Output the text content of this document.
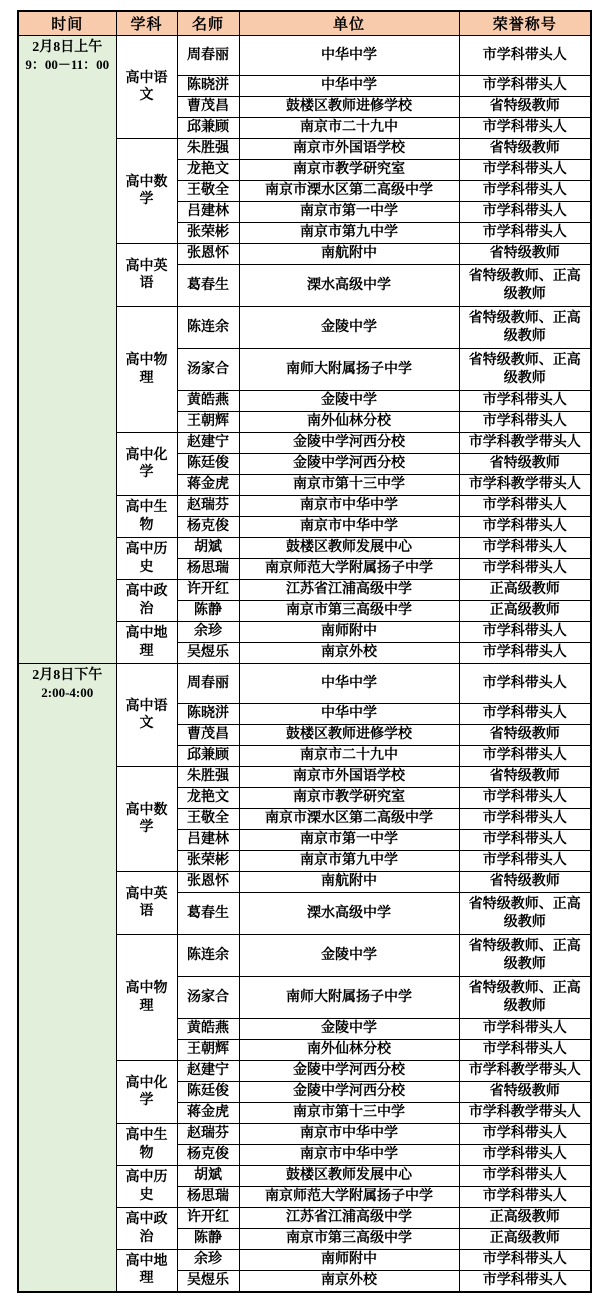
时间	学科	名师	单位	荣誉称号

2月8日上午
9：00－11：00	高中语文	周春丽	中华中学	市学科带头人
		陈晓洴	中华中学	市学科带头人
		曹茂昌	鼓楼区教师进修学校	省特级教师
		邱兼顾	南京市二十九中	市学科带头人
	高中数学	朱胜强	南京市外国语学校	省特级教师
		龙艳文	南京市教学研究室	市学科带头人
		王敬全	南京市溧水区第二高级中学	市学科带头人
		吕建林	南京市第一中学	市学科带头人
		张荣彬	南京市第九中学	市学科带头人
	高中英语	张恩怀	南航附中	省特级教师
		葛春生	溧水高级中学	省特级教师、正高级教师
	高中物理	陈连余	金陵中学	省特级教师、正高级教师
		汤家合	南师大附属扬子中学	省特级教师、正高级教师
		黄皓燕	金陵中学	市学科带头人
		王朝辉	南外仙林分校	市学科带头人
	高中化学	赵建宁	金陵中学河西分校	市学科教学带头人
		陈廷俊	金陵中学河西分校	省特级教师
		蒋金虎	南京市第十三中学	市学科教学带头人
	高中生物	赵瑞芬	南京市中华中学	市学科带头人
		杨克俊	南京市中华中学	市学科带头人
	高中历史	胡斌	鼓楼区教师发展中心	市学科带头人
		杨思瑞	南京师范大学附属扬子中学	市学科带头人
	高中政治	许开红	江苏省江浦高级中学	正高级教师
		陈静	南京市第三高级中学	正高级教师
	高中地理	余珍	南师附中	市学科带头人
		吴煜乐	南京外校	市学科带头人

2月8日下午
2:00-4:00	高中语文	周春丽	中华中学	市学科带头人
		陈晓洴	中华中学	市学科带头人
		曹茂昌	鼓楼区教师进修学校	省特级教师
		邱兼顾	南京市二十九中	市学科带头人
	高中数学	朱胜强	南京市外国语学校	省特级教师
		龙艳文	南京市教学研究室	市学科带头人
		王敬全	南京市溧水区第二高级中学	市学科带头人
		吕建林	南京市第一中学	市学科带头人
		张荣彬	南京市第九中学	市学科带头人
	高中英语	张恩怀	南航附中	省特级教师
		葛春生	溧水高级中学	省特级教师、正高级教师
	高中物理	陈连余	金陵中学	省特级教师、正高级教师
		汤家合	南师大附属扬子中学	省特级教师、正高级教师
		黄皓燕	金陵中学	市学科带头人
		王朝辉	南外仙林分校	市学科带头人
	高中化学	赵建宁	金陵中学河西分校	市学科教学带头人
		陈廷俊	金陵中学河西分校	省特级教师
		蒋金虎	南京市第十三中学	市学科教学带头人
	高中生物	赵瑞芬	南京市中华中学	市学科带头人
		杨克俊	南京市中华中学	市学科带头人
	高中历史	胡斌	鼓楼区教师发展中心	市学科带头人
		杨思瑞	南京师范大学附属扬子中学	市学科带头人
	高中政治	许开红	江苏省江浦高级中学	正高级教师
		陈静	南京市第三高级中学	正高级教师
	高中地理	余珍	南师附中	市学科带头人
		吴煜乐	南京外校	市学科带头人
